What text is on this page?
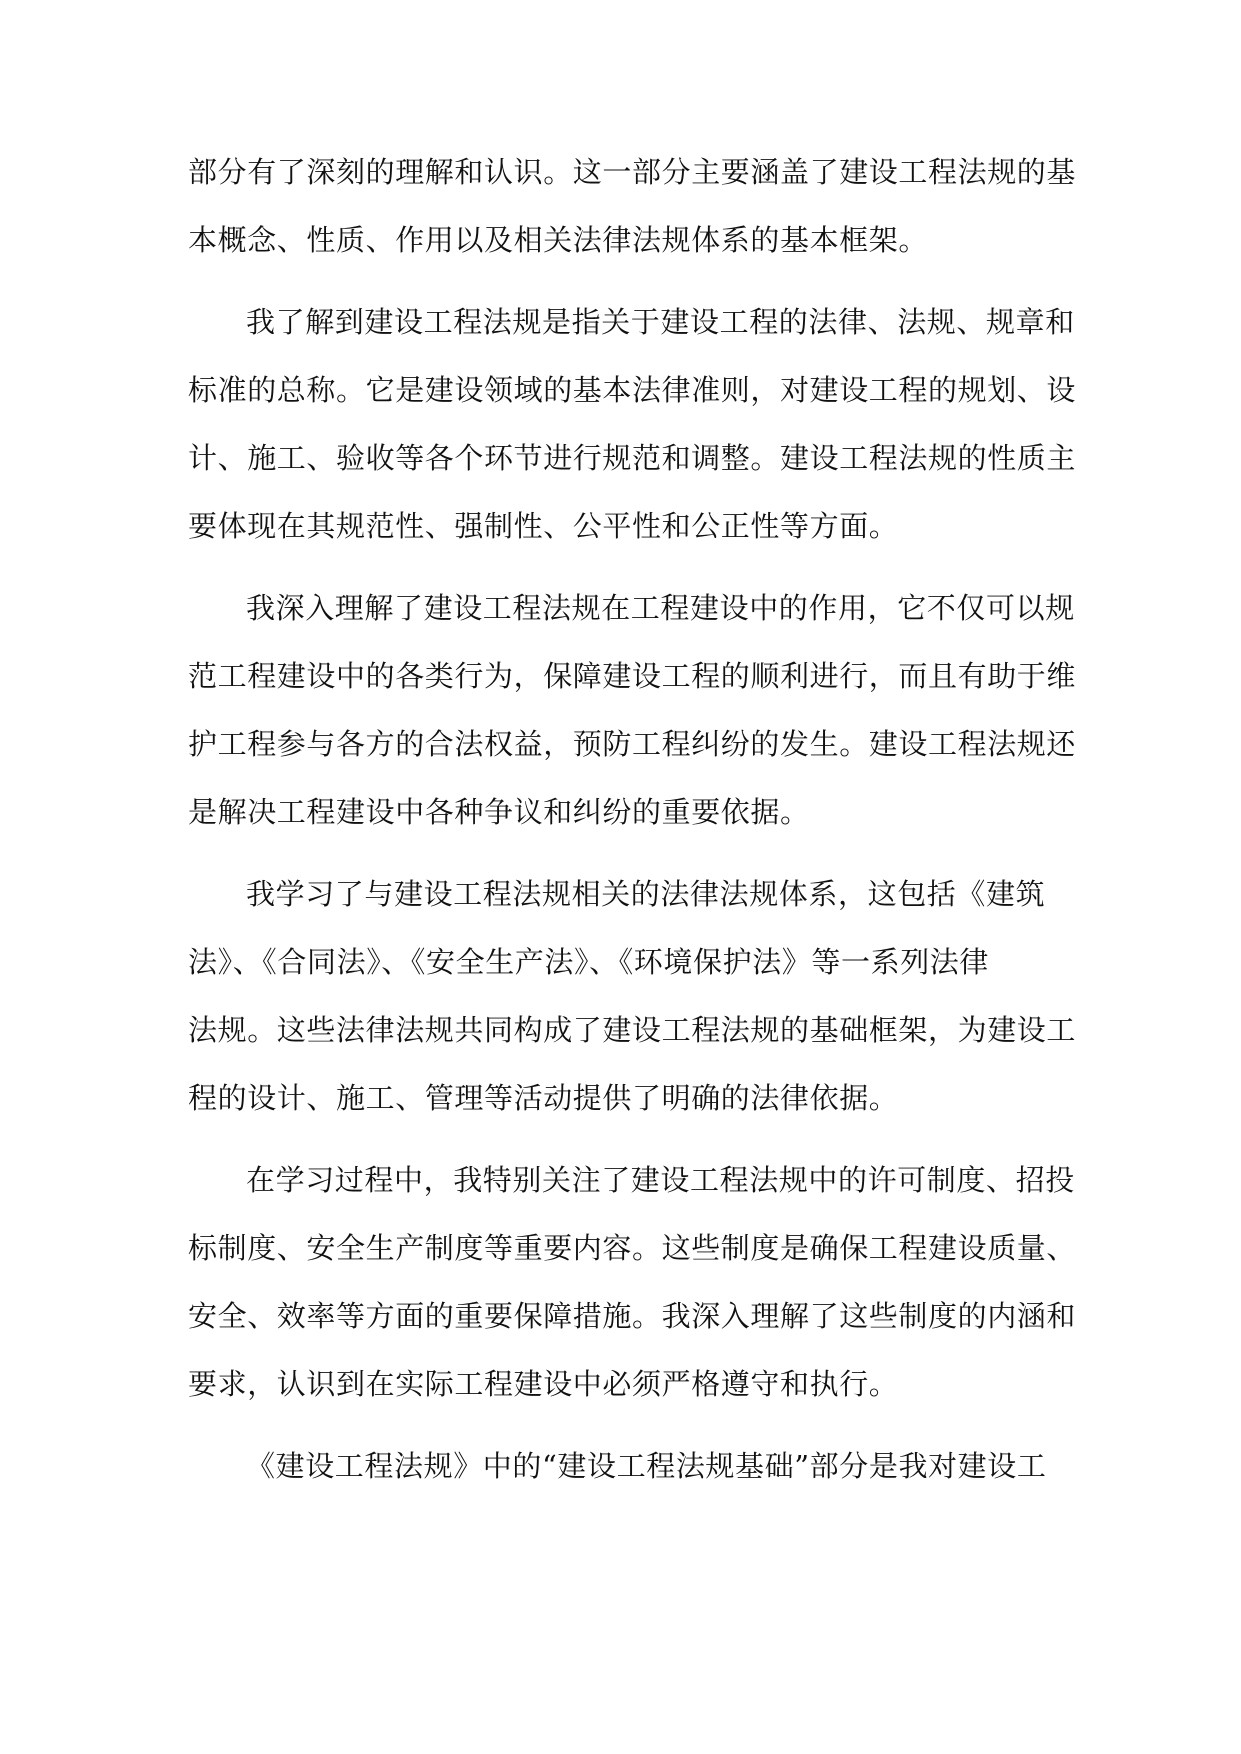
部分有了深刻的理解和认识。这一部分主要涵盖了建设工程法规的基
本概念、性质、作用以及相关法律法规体系的基本框架。
我了解到建设工程法规是指关于建设工程的法律、法规、规章和
标准的总称。它是建设领域的基本法律准则，对建设工程的规划、设
计、施工、验收等各个环节进行规范和调整。建设工程法规的性质主
要体现在其规范性、强制性、公平性和公正性等方面。
我深入理解了建设工程法规在工程建设中的作用，它不仅可以规
范工程建设中的各类行为，保障建设工程的顺利进行，而且有助于维
护工程参与各方的合法权益，预防工程纠纷的发生。建设工程法规还
是解决工程建设中各种争议和纠纷的重要依据。
我学习了与建设工程法规相关的法律法规体系，这包括《建筑
法》、《合同法》、《安全生产法》、《环境保护法》等一系列法律
法规。这些法律法规共同构成了建设工程法规的基础框架，为建设工
程的设计、施工、管理等活动提供了明确的法律依据。
在学习过程中，我特别关注了建设工程法规中的许可制度、招投
标制度、安全生产制度等重要内容。这些制度是确保工程建设质量、
安全、效率等方面的重要保障措施。我深入理解了这些制度的内涵和
要求，认识到在实际工程建设中必须严格遵守和执行。
《建设工程法规》中的“建设工程法规基础”部分是我对建设工
